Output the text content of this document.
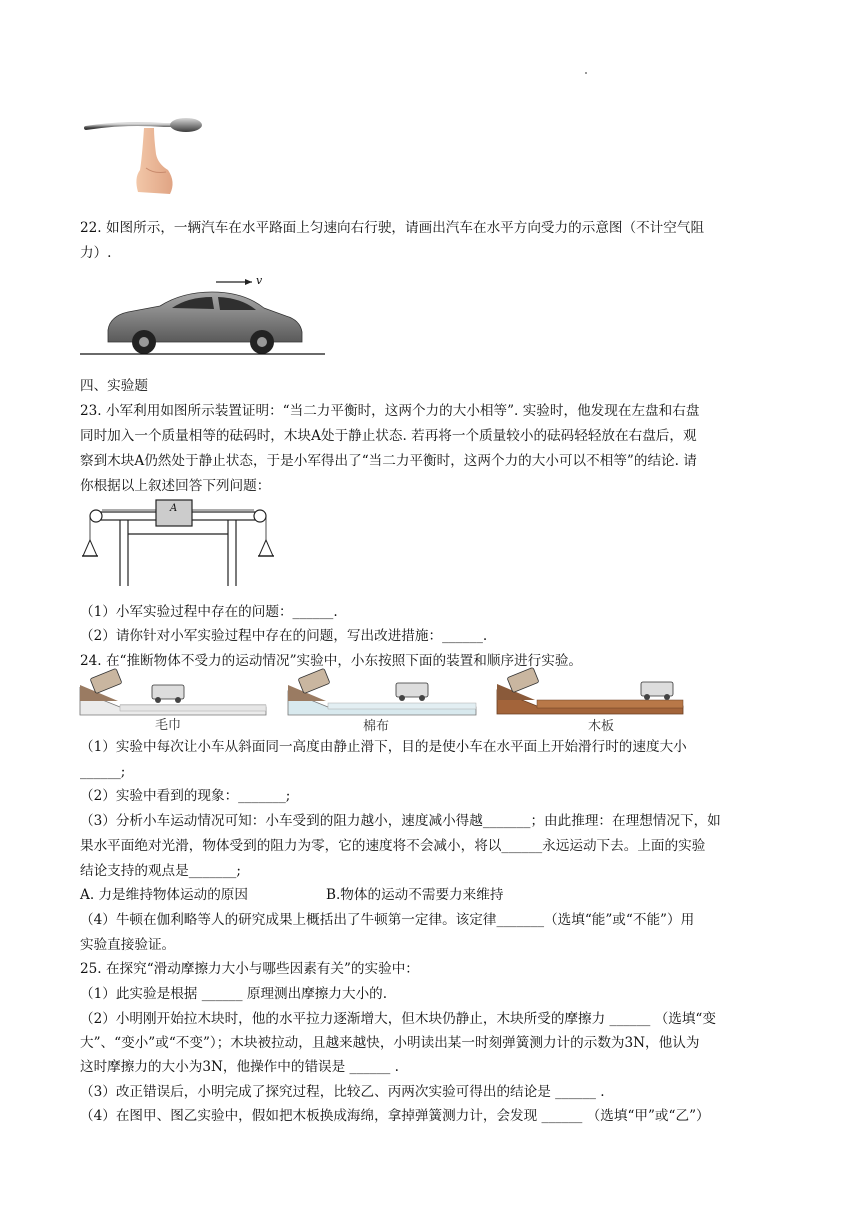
22. 如图所示，一辆汽车在水平路面上匀速向右行驶，请画出汽车在水平方向受力的示意图（不计空气阻
力）.
v
四、实验题
23. 小军利用如图所示装置证明：“当二力平衡时，这两个力的大小相等”. 实验时，他发现在左盘和右盘
同时加入一个质量相等的砝码时，木块A处于静止状态. 若再将一个质量较小的砝码轻轻放在右盘后，观
察到木块A仍然处于静止状态，于是小军得出了“当二力平衡时，这两个力的大小可以不相等”的结论. 请
你根据以上叙述回答下列问题：
A
（1）小军实验过程中存在的问题：______.
（2）请你针对小军实验过程中存在的问题，写出改进措施：______.
24. 在“推断物体不受力的运动情况”实验中，小东按照下面的装置和顺序进行实验。
毛巾	棉布	木板
（1）实验中每次让小车从斜面同一高度由静止滑下，目的是使小车在水平面上开始滑行时的速度大小
______;
（2）实验中看到的现象：_______;
（3）分析小车运动情况可知：小车受到的阻力越小，速度减小得越_______；由此推理：在理想情况下，如
果水平面绝对光滑，物体受到的阻力为零，它的速度将不会减小，将以______永远运动下去。上面的实验
结论支持的观点是_______;
A. 力是维持物体运动的原因	B.物体的运动不需要力来维持
（4）牛顿在伽利略等人的研究成果上概括出了牛顿第一定律。该定律_______（选填“能”或“不能”）用
实验直接验证。
25. 在探究“滑动摩擦力大小与哪些因素有关”的实验中：
（1）此实验是根据 ______ 原理测出摩擦力大小的.
（2）小明刚开始拉木块时，他的水平拉力逐渐增大，但木块仍静止，木块所受的摩擦力 ______ （选填“变
大”、“变小”或“不变”）；木块被拉动，且越来越快，小明读出某一时刻弹簧测力计的示数为3N，他认为
这时摩擦力的大小为3N，他操作中的错误是 ______ .
（3）改正错误后，小明完成了探究过程，比较乙、丙两次实验可得出的结论是 ______ .
（4）在图甲、图乙实验中，假如把木板换成海绵，拿掉弹簧测力计，会发现 ______ （选填“甲”或“乙”）
